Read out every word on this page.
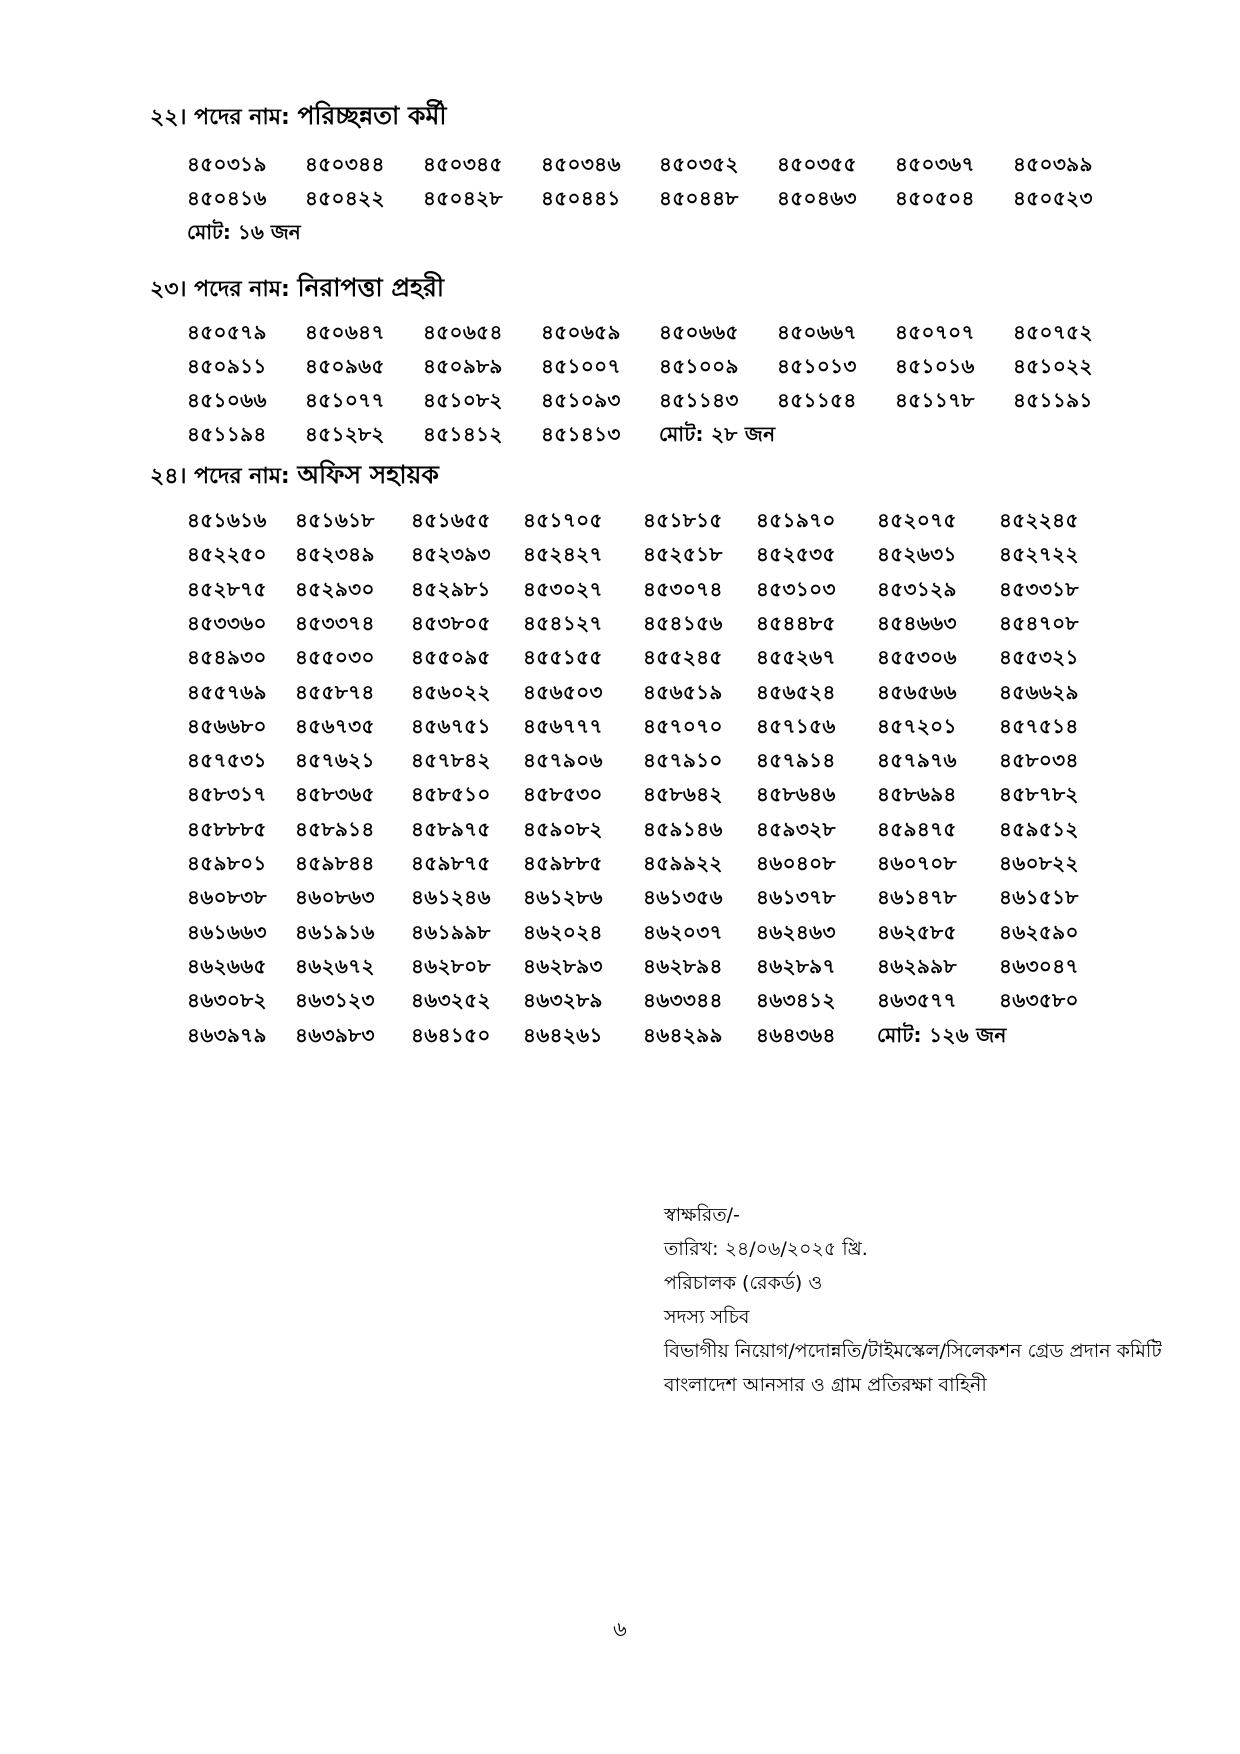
২২। পদের নাম: পরিচ্ছন্নতা কর্মী
৪৫০৩১৯ ৪৫০৩৪৪ ৪৫০৩৪৫ ৪৫০৩৪৬ ৪৫০৩৫২ ৪৫০৩৫৫ ৪৫০৩৬৭ ৪৫০৩৯৯
৪৫০৪১৬ ৪৫০৪২২ ৪৫০৪২৮ ৪৫০৪৪১ ৪৫০৪৪৮ ৪৫০৪৬৩ ৪৫০৫০৪ ৪৫০৫২৩
মোট: ১৬ জন
২৩। পদের নাম: নিরাপত্তা প্রহরী
৪৫০৫৭৯ ৪৫০৬৪৭ ৪৫০৬৫৪ ৪৫০৬৫৯ ৪৫০৬৬৫ ৪৫০৬৬৭ ৪৫০৭০৭ ৪৫০৭৫২
৪৫০৯১১ ৪৫০৯৬৫ ৪৫০৯৮৯ ৪৫১০০৭ ৪৫১০০৯ ৪৫১০১৩ ৪৫১০১৬ ৪৫১০২২
৪৫১০৬৬ ৪৫১০৭৭ ৪৫১০৮২ ৪৫১০৯৩ ৪৫১১৪৩ ৪৫১১৫৪ ৪৫১১৭৮ ৪৫১১৯১
৪৫১১৯৪ ৪৫১২৮২ ৪৫১৪১২ ৪৫১৪১৩ মোট: ২৮ জন
২৪। পদের নাম: অফিস সহায়ক
৪৫১৬১৬ ৪৫১৬১৮ ৪৫১৬৫৫ ৪৫১৭০৫ ৪৫১৮১৫ ৪৫১৯৭০ ৪৫২০৭৫ ৪৫২২৪৫
৪৫২২৫০ ৪৫২৩৪৯ ৪৫২৩৯৩ ৪৫২৪২৭ ৪৫২৫১৮ ৪৫২৫৩৫ ৪৫২৬৩১ ৪৫২৭২২
৪৫২৮৭৫ ৪৫২৯৩০ ৪৫২৯৮১ ৪৫৩০২৭ ৪৫৩০৭৪ ৪৫৩১০৩ ৪৫৩১২৯ ৪৫৩৩১৮
৪৫৩৩৬০ ৪৫৩৩৭৪ ৪৫৩৮০৫ ৪৫৪১২৭ ৪৫৪১৫৬ ৪৫৪৪৮৫ ৪৫৪৬৬৩ ৪৫৪৭০৮
৪৫৪৯৩০ ৪৫৫০৩০ ৪৫৫০৯৫ ৪৫৫১৫৫ ৪৫৫২৪৫ ৪৫৫২৬৭ ৪৫৫৩০৬ ৪৫৫৩২১
৪৫৫৭৬৯ ৪৫৫৮৭৪ ৪৫৬০২২ ৪৫৬৫০৩ ৪৫৬৫১৯ ৪৫৬৫২৪ ৪৫৬৫৬৬ ৪৫৬৬২৯
৪৫৬৬৮০ ৪৫৬৭৩৫ ৪৫৬৭৫১ ৪৫৬৭৭৭ ৪৫৭০৭০ ৪৫৭১৫৬ ৪৫৭২০১ ৪৫৭৫১৪
৪৫৭৫৩১ ৪৫৭৬২১ ৪৫৭৮৪২ ৪৫৭৯০৬ ৪৫৭৯১০ ৪৫৭৯১৪ ৪৫৭৯৭৬ ৪৫৮০৩৪
৪৫৮৩১৭ ৪৫৮৩৬৫ ৪৫৮৫১০ ৪৫৮৫৩০ ৪৫৮৬৪২ ৪৫৮৬৪৬ ৪৫৮৬৯৪ ৪৫৮৭৮২
৪৫৮৮৮৫ ৪৫৮৯১৪ ৪৫৮৯৭৫ ৪৫৯০৮২ ৪৫৯১৪৬ ৪৫৯৩২৮ ৪৫৯৪৭৫ ৪৫৯৫১২
৪৫৯৮০১ ৪৫৯৮৪৪ ৪৫৯৮৭৫ ৪৫৯৮৮৫ ৪৫৯৯২২ ৪৬০৪০৮ ৪৬০৭০৮ ৪৬০৮২২
৪৬০৮৩৮ ৪৬০৮৬৩ ৪৬১২৪৬ ৪৬১২৮৬ ৪৬১৩৫৬ ৪৬১৩৭৮ ৪৬১৪৭৮ ৪৬১৫১৮
৪৬১৬৬৩ ৪৬১৯১৬ ৪৬১৯৯৮ ৪৬২০২৪ ৪৬২০৩৭ ৪৬২৪৬৩ ৪৬২৫৮৫ ৪৬২৫৯০
৪৬২৬৬৫ ৪৬২৬৭২ ৪৬২৮০৮ ৪৬২৮৯৩ ৪৬২৮৯৪ ৪৬২৮৯৭ ৪৬২৯৯৮ ৪৬৩০৪৭
৪৬৩০৮২ ৪৬৩১২৩ ৪৬৩২৫২ ৪৬৩২৮৯ ৪৬৩৩৪৪ ৪৬৩৪১২ ৪৬৩৫৭৭ ৪৬৩৫৮০
৪৬৩৯৭৯ ৪৬৩৯৮৩ ৪৬৪১৫০ ৪৬৪২৬১ ৪৬৪২৯৯ ৪৬৪৩৬৪ মোট: ১২৬ জন
স্বাক্ষরিত/-
তারিখ: ২৪/০৬/২০২৫ খ্রি.
পরিচালক (রেকর্ড) ও
সদস্য সচিব
বিভাগীয় নিয়োগ/পদোন্নতি/টাইমস্কেল/সিলেকশন গ্রেড প্রদান কমিটি
বাংলাদেশ আনসার ও গ্রাম প্রতিরক্ষা বাহিনী
৬
